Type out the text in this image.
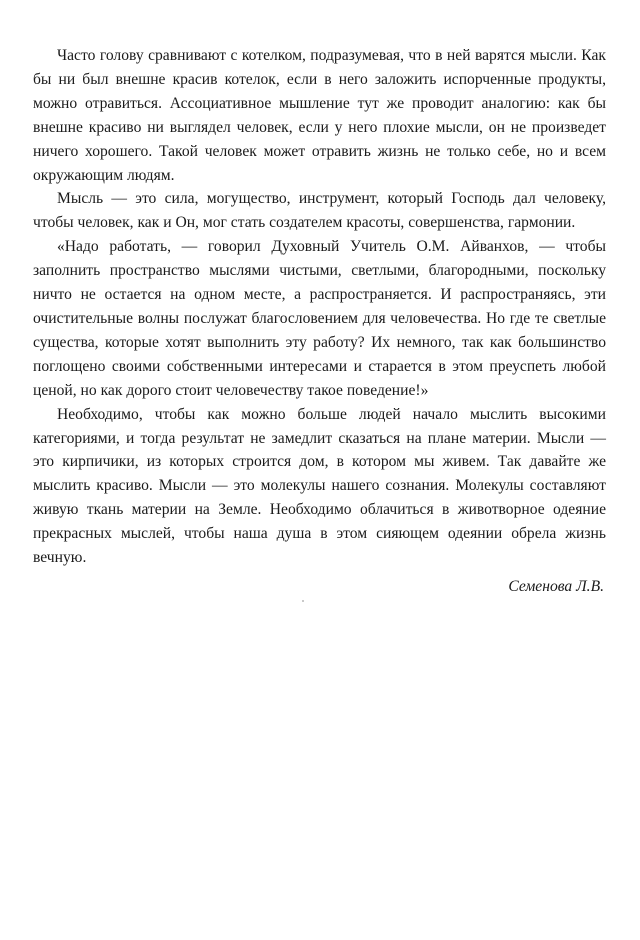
Часто голову сравнивают с котелком, подразумевая, что в ней варятся мысли. Как бы ни был внешне красив котелок, если в него заложить испорченные продукты, можно отравиться. Ассоциативное мышление тут же проводит аналогию: как бы внешне красиво ни выглядел человек, если у него плохие мысли, он не произведет ничего хорошего. Такой человек может отравить жизнь не только себе, но и всем окружающим людям.

Мысль — это сила, могущество, инструмент, который Господь дал человеку, чтобы человек, как и Он, мог стать создателем красоты, совершенства, гармонии.

«Надо работать, — говорил Духовный Учитель О.М. Айванхов, — чтобы заполнить пространство мыслями чистыми, светлыми, благородными, поскольку ничто не остается на одном месте, а распространяется. И распространяясь, эти очистительные волны послужат благословением для человечества. Но где те светлые существа, которые хотят выполнить эту работу? Их немного, так как большинство поглощено своими собственными интересами и старается в этом преуспеть любой ценой, но как дорого стоит человечеству такое поведение!»

Необходимо, чтобы как можно больше людей начало мыслить высокими категориями, и тогда результат не замедлит сказаться на плане материи. Мысли — это кирпичики, из которых строится дом, в котором мы живем. Так давайте же мыслить красиво. Мысли — это молекулы нашего сознания. Молекулы составляют живую ткань материи на Земле. Необходимо облачиться в животворное одеяние прекрасных мыслей, чтобы наша душа в этом сияющем одеянии обрела жизнь вечную.

Семенова Л.В.
